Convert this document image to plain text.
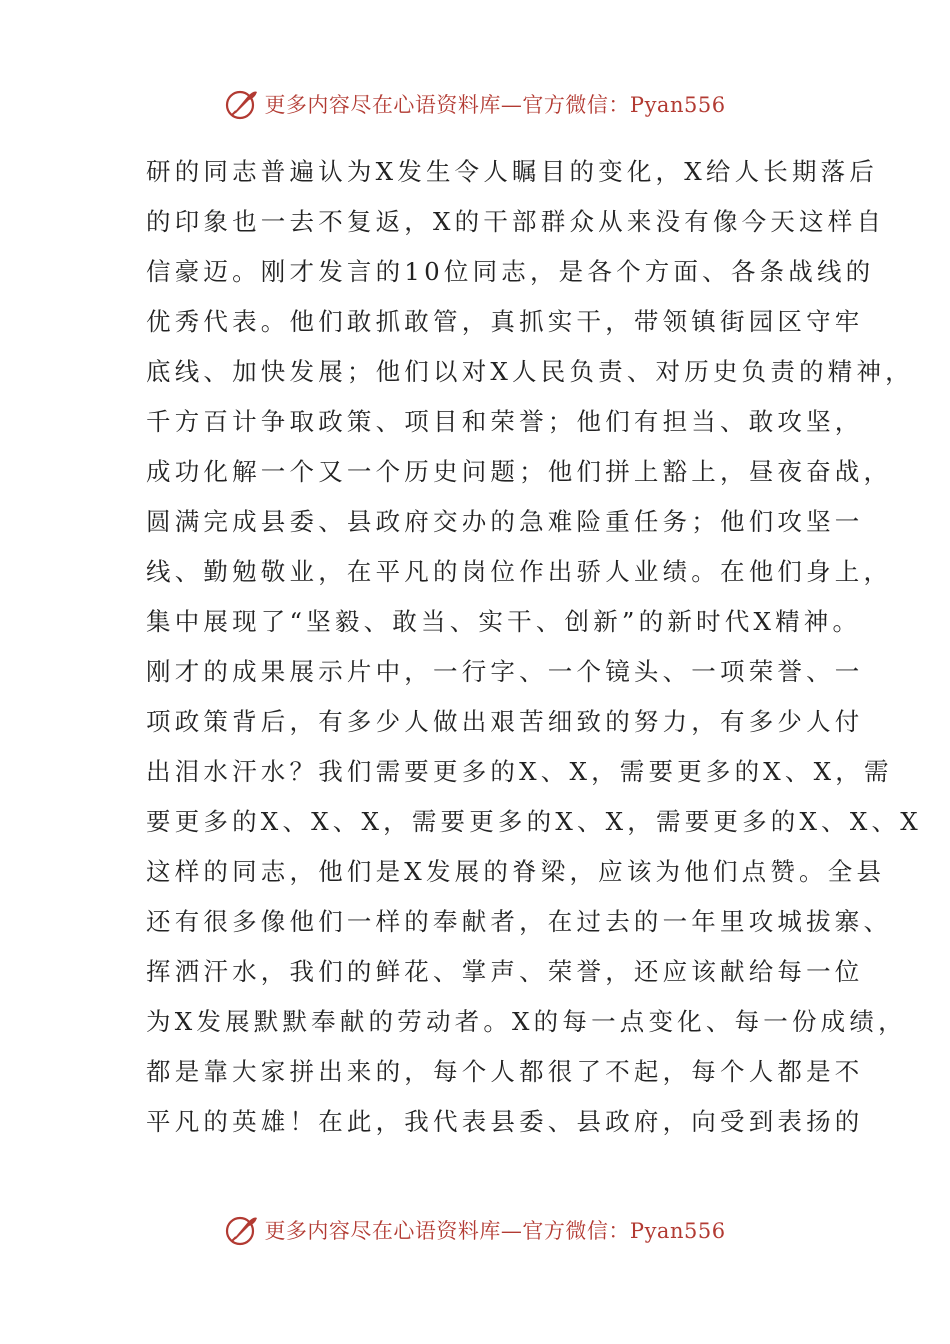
更多内容尽在心语资料库—官方微信：Pyan556
研的同志普遍认为X发生令人瞩目的变化，X给人长期落后
的印象也一去不复返，X的干部群众从来没有像今天这样自
信豪迈。刚才发言的10位同志，是各个方面、各条战线的
优秀代表。他们敢抓敢管，真抓实干，带领镇街园区守牢
底线、加快发展；他们以对X人民负责、对历史负责的精神，
千方百计争取政策、项目和荣誉；他们有担当、敢攻坚，
成功化解一个又一个历史问题；他们拼上豁上，昼夜奋战，
圆满完成县委、县政府交办的急难险重任务；他们攻坚一
线、勤勉敬业，在平凡的岗位作出骄人业绩。在他们身上，
集中展现了“坚毅、敢当、实干、创新”的新时代X精神。
刚才的成果展示片中，一行字、一个镜头、一项荣誉、一
项政策背后，有多少人做出艰苦细致的努力，有多少人付
出泪水汗水？我们需要更多的X、X，需要更多的X、X，需
要更多的X、X、X，需要更多的X、X，需要更多的X、X、X
这样的同志，他们是X发展的脊梁，应该为他们点赞。全县
还有很多像他们一样的奉献者，在过去的一年里攻城拔寨、
挥洒汗水，我们的鲜花、掌声、荣誉，还应该献给每一位
为X发展默默奉献的劳动者。X的每一点变化、每一份成绩，
都是靠大家拼出来的，每个人都很了不起，每个人都是不
平凡的英雄！在此，我代表县委、县政府，向受到表扬的
更多内容尽在心语资料库—官方微信：Pyan556
